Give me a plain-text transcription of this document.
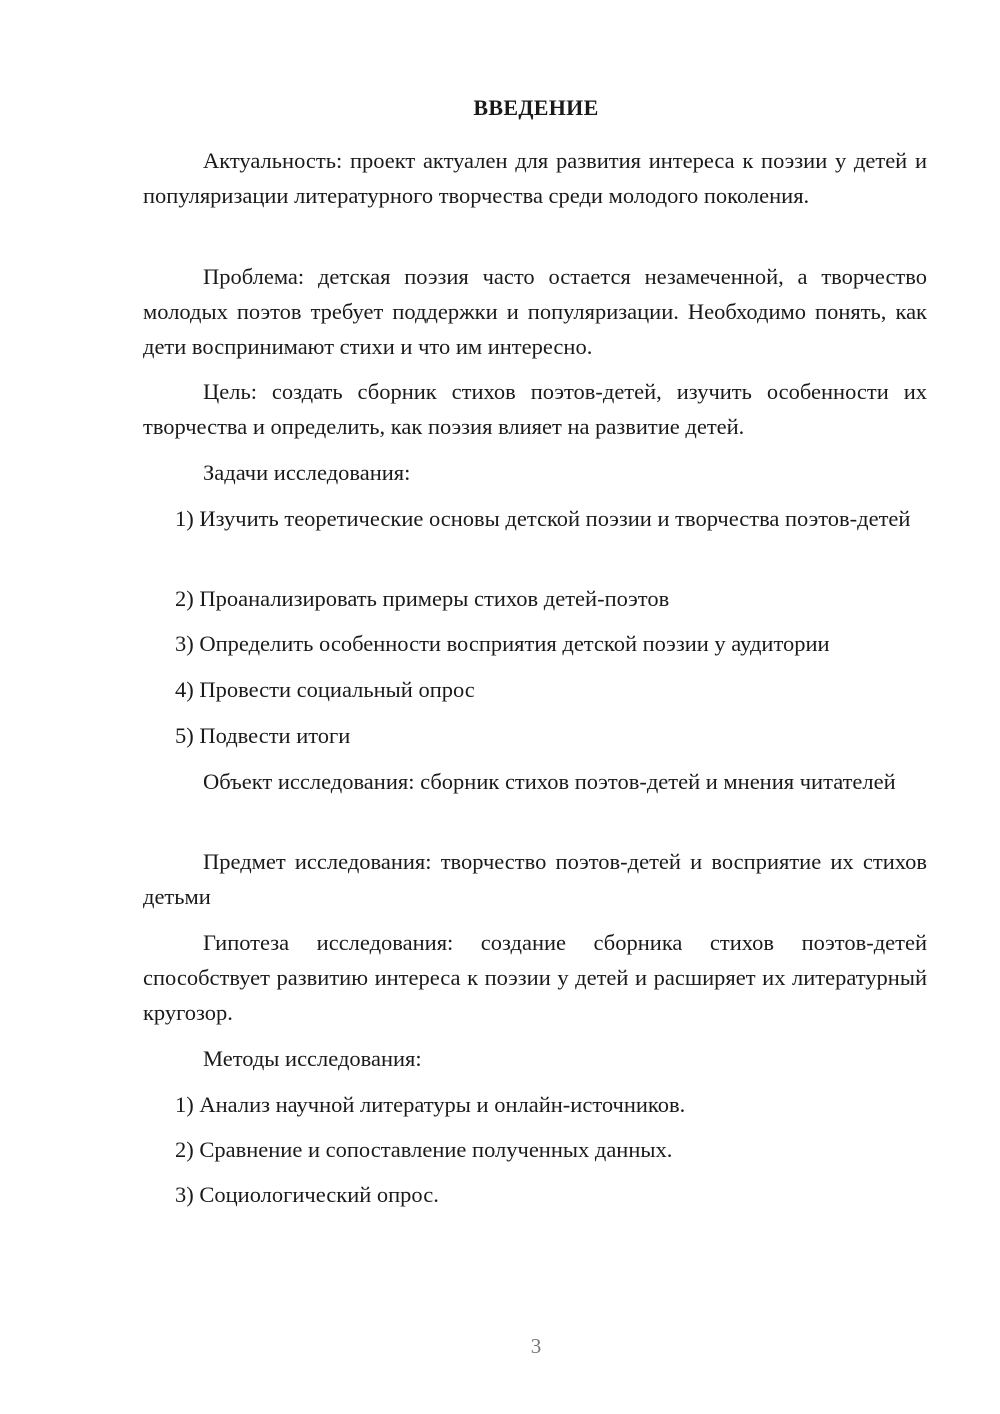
ВВЕДЕНИЕ
Актуальность: проект актуален для развития интереса к поэзии у детей и популяризации литературного творчества среди молодого поколения.
Проблема: детская поэзия часто остается незамеченной, а творчество молодых поэтов требует поддержки и популяризации. Необходимо понять, как дети воспринимают стихи и что им интересно.
Цель: создать сборник стихов поэтов-детей, изучить особенности их творчества и определить, как поэзия влияет на развитие детей.
Задачи исследования:
1) Изучить теоретические основы детской поэзии и творчества поэтов-детей
2) Проанализировать примеры стихов детей-поэтов
3) Определить особенности восприятия детской поэзии у аудитории
4) Провести социальный опрос
5) Подвести итоги
Объект исследования: сборник стихов поэтов-детей и мнения читателей
Предмет исследования: творчество поэтов-детей и восприятие их стихов детьми
Гипотеза исследования: создание сборника стихов поэтов-детей способствует развитию интереса к поэзии у детей и расширяет их литературный кругозор.
Методы исследования:
1) Анализ научной литературы и онлайн-источников.
2) Сравнение и сопоставление полученных данных.
3) Социологический опрос.
3
